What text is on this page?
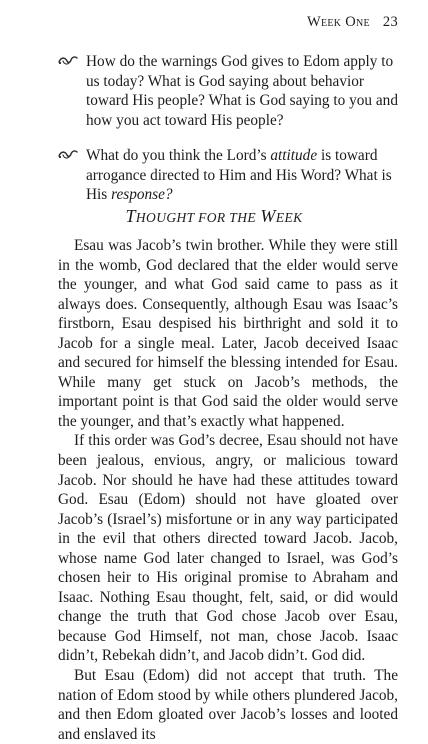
Week One 23
How do the warnings God gives to Edom apply to us today? What is God saying about behavior toward His people? What is God saying to you and how you act toward His people?
What do you think the Lord’s attitude is toward arrogance directed to Him and His Word? What is His response?
THOUGHT FOR THE WEEK

Esau was Jacob’s twin brother. While they were still in the womb, God declared that the elder would serve the younger, and what God said came to pass as it always does. Consequently, although Esau was Isaac’s firstborn, Esau despised his birthright and sold it to Jacob for a single meal. Later, Jacob deceived Isaac and secured for himself the blessing intended for Esau. While many get stuck on Jacob’s methods, the important point is that God said the older would serve the younger, and that’s exactly what happened.

If this order was God’s decree, Esau should not have been jealous, envious, angry, or malicious toward Jacob. Nor should he have had these attitudes toward God. Esau (Edom) should not have gloated over Jacob’s (Israel’s) misfortune or in any way participated in the evil that others directed toward Jacob. Jacob, whose name God later changed to Israel, was God’s chosen heir to His original promise to Abraham and Isaac. Nothing Esau thought, felt, said, or did would change the truth that God chose Jacob over Esau, because God Himself, not man, chose Jacob. Isaac didn’t, Rebekah didn’t, and Jacob didn’t. God did.

But Esau (Edom) did not accept that truth. The nation of Edom stood by while others plundered Jacob, and then Edom gloated over Jacob’s losses and looted and enslaved its
